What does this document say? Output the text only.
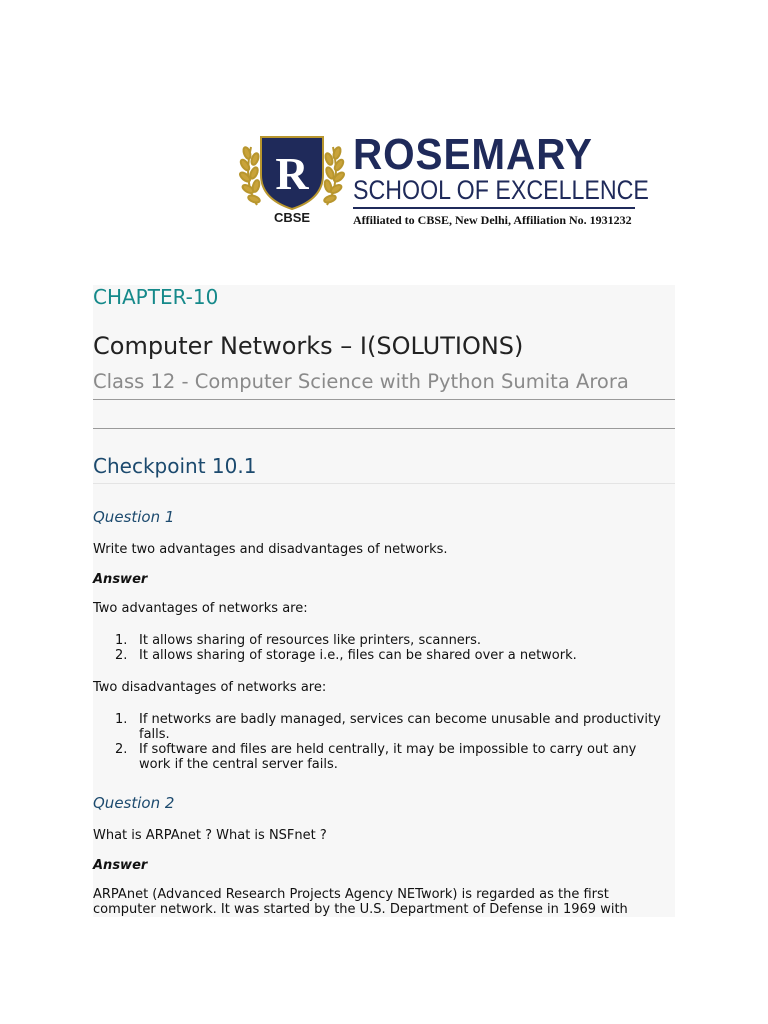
R
CBSE
ROSEMARY
SCHOOL OF EXCELLENCE
Affiliated to CBSE, New Delhi, Affiliation No. 1931232
CHAPTER-10
Computer Networks – I(SOLUTIONS)
Class 12 - Computer Science with Python Sumita Arora
Checkpoint 10.1
Question 1
Write two advantages and disadvantages of networks.
Answer
Two advantages of networks are:
1. It allows sharing of resources like printers, scanners.
2. It allows sharing of storage i.e., files can be shared over a network.
Two disadvantages of networks are:
1. If networks are badly managed, services can become unusable and productivity falls.
2. If software and files are held centrally, it may be impossible to carry out any work if the central server fails.
Question 2
What is ARPAnet ? What is NSFnet ?
Answer
ARPAnet (Advanced Research Projects Agency NETwork) is regarded as the first
computer network. It was started by the U.S. Department of Defense in 1969 with
